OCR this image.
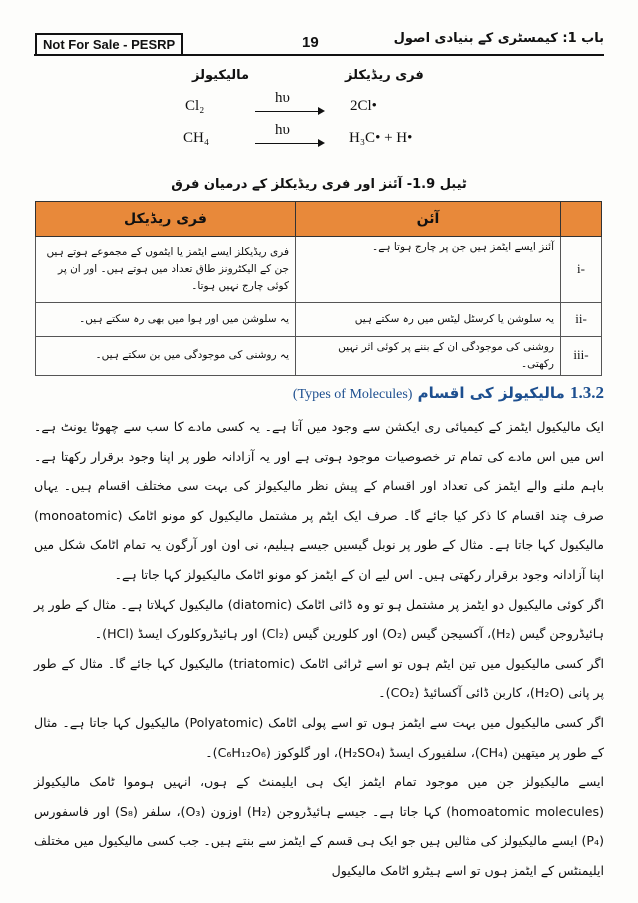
Not For Sale - PESRP	19	باب 1: کیمسٹری کے بنیادی اصول
فری ریڈیکلز
مالیکیولز
Cl₂	hυ	2Cl•
CH₄	hυ	H₃C• + H•
ٹیبل 1.9- آئنز اور فری ریڈیکلز کے درمیان فرق
	آئن	فری ریڈیکل
-i	آئنز ایسے ایٹمز ہیں جن پر چارج ہوتا ہے۔	فری ریڈیکلز ایسے ایٹمز یا ایٹموں کے مجموعے ہوتے ہیں جن کے الیکٹرونز طاق تعداد میں ہوتے ہیں۔ اور ان پر کوئی چارج نہیں ہوتا۔
-ii	یہ سلوشن یا کرسٹل لیٹس میں رہ سکتے ہیں	یہ سلوشن میں اور ہوا میں بھی رہ سکتے ہیں۔
-iii	روشنی کی موجودگی ان کے بننے پر کوئی اثر نہیں رکھتی۔	یہ روشنی کی موجودگی میں بن سکتے ہیں۔
1.3.2 مالیکیولز کی اقسام (Types of Molecules)

ایک مالیکیول ایٹمز کے کیمیائی ری ایکشن سے وجود میں آتا ہے۔ یہ کسی مادے کا سب سے چھوٹا یونٹ ہے۔ اس میں اس مادے کی تمام تر خصوصیات موجود ہوتی ہے اور یہ آزادانہ طور پر اپنا وجود برقرار رکھتا ہے۔ باہم ملنے والے ایٹمز کی تعداد اور اقسام کے پیش نظر مالیکیولز کی بہت سی مختلف اقسام ہیں۔ یہاں صرف چند اقسام کا ذکر کیا جائے گا۔ صرف ایک ایٹم پر مشتمل مالیکیول کو مونو اٹامک (monoatomic) مالیکیول کہا جاتا ہے۔ مثال کے طور پر نوبل گیسیں جیسے ہیلیم، نی اون اور آرگون یہ تمام اٹامک شکل میں اپنا آزادانہ وجود برقرار رکھتی ہیں۔ اس لیے ان کے ایٹمز کو مونو اٹامک مالیکیولز کہا جاتا ہے۔

اگر کوئی مالیکیول دو ایٹمز پر مشتمل ہو تو وہ ڈائی اٹامک (diatomic) مالیکیول کہلاتا ہے۔ مثال کے طور پر ہائیڈروجن گیس (H₂)، آکسیجن گیس (O₂) اور کلورین گیس (Cl₂) اور ہائیڈروکلورک ایسڈ (HCl)۔

اگر کسی مالیکیول میں تین ایٹم ہوں تو اسے ٹرائی اٹامک (triatomic) مالیکیول کہا جائے گا۔ مثال کے طور پر پانی (H₂O)، کاربن ڈائی آکسائیڈ (CO₂)۔

اگر کسی مالیکیول میں بہت سے ایٹمز ہوں تو اسے پولی اٹامک (Polyatomic) مالیکیول کہا جاتا ہے۔ مثال کے طور پر میتھین (CH₄)، سلفیورک ایسڈ (H₂SO₄)، اور گلوکوز (C₆H₁₂O₆)۔

ایسے مالیکیولز جن میں موجود تمام ایٹمز ایک ہی ایلیمنٹ کے ہوں، انہیں ہوموا ٹامک مالیکیولز (homoatomic molecules) کہا جاتا ہے۔ جیسے ہائیڈروجن (H₂) اوزون (O₃)، سلفر (S₈) اور فاسفورس (P₄) ایسے مالیکیولز کی مثالیں ہیں جو ایک ہی قسم کے ایٹمز سے بنتے ہیں۔ جب کسی مالیکیول میں مختلف ایلیمنٹس کے ایٹمز ہوں تو اسے ہیٹرو اٹامک مالیکیول
